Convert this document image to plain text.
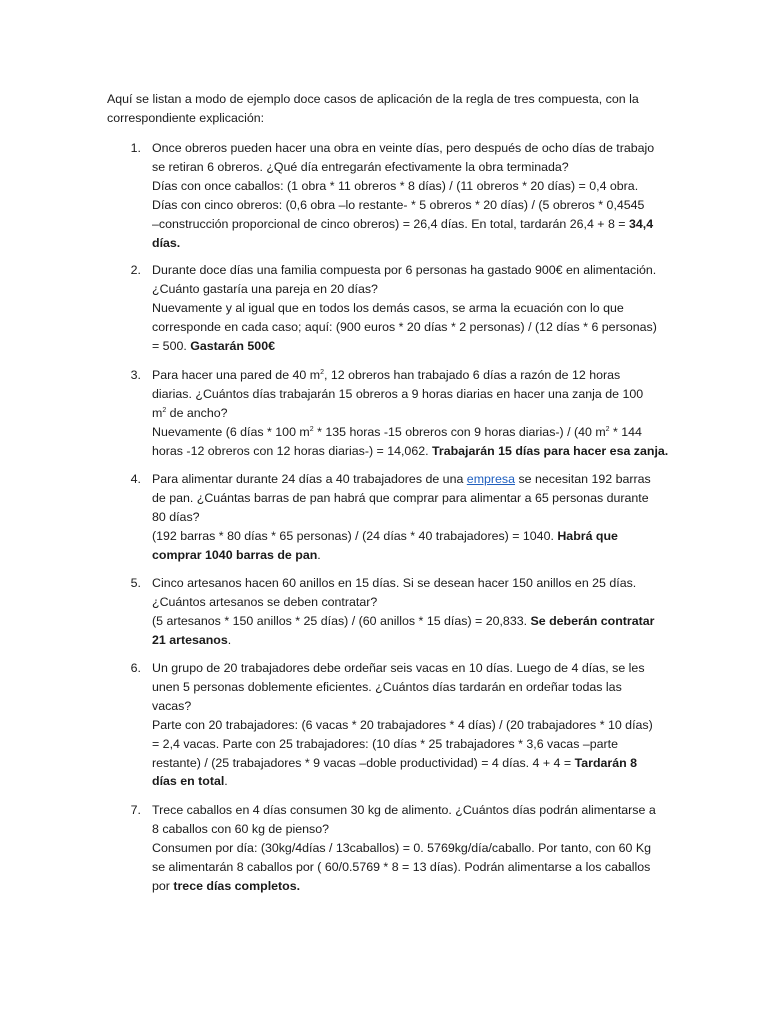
Aquí se listan a modo de ejemplo doce casos de aplicación de la regla de tres compuesta, con la
correspondiente explicación:
1. Once obreros pueden hacer una obra en veinte días, pero después de ocho días de trabajo
se retiran 6 obreros. ¿Qué día entregarán efectivamente la obra terminada?
Días con once caballos: (1 obra * 11 obreros * 8 días) / (11 obreros * 20 días) = 0,4 obra.
Días con cinco obreros: (0,6 obra –lo restante- * 5 obreros * 20 días) / (5 obreros * 0,4545
–construcción proporcional de cinco obreros) = 26,4 días. En total, tardarán 26,4 + 8 = 34,4
días.
2. Durante doce días una familia compuesta por 6 personas ha gastado 900€ en alimentación.
¿Cuánto gastaría una pareja en 20 días?
Nuevamente y al igual que en todos los demás casos, se arma la ecuación con lo que
corresponde en cada caso; aquí: (900 euros * 20 días * 2 personas) / (12 días * 6 personas)
= 500. Gastarán 500€
3. Para hacer una pared de 40 $m^2$, 12 obreros han trabajado 6 días a razón de 12 horas
diarias. ¿Cuántos días trabajarán 15 obreros a 9 horas diarias en hacer una zanja de 100
$m^2$ de ancho?
Nuevamente (6 días * 100 $m^2 * 135$ horas -15 obreros con 9 horas diarias-) / (40 $m^2 * 144$
horas -12 obreros con 12 horas diarias-) = 14,062. Trabajarán 15 días para hacer esa zanja.
4. Para alimentar durante 24 días a 40 trabajadores de una empresa se necesitan 192 barras
de pan. ¿Cuántas barras de pan habrá que comprar para alimentar a 65 personas durante
80 días?
(192 barras * 80 días * 65 personas) / (24 días * 40 trabajadores) = 1040. Habrá que
comprar 1040 barras de pan.
5. Cinco artesanos hacen 60 anillos en 15 días. Si se desean hacer 150 anillos en 25 días.
¿Cuántos artesanos se deben contratar?
(5 artesanos * 150 anillos * 25 días) / (60 anillos * 15 días) = 20,833. Se deberán contratar
21 artesanos.
6. Un grupo de 20 trabajadores debe ordeñar seis vacas en 10 días. Luego de 4 días, se les
unen 5 personas doblemente eficientes. ¿Cuántos días tardarán en ordeñar todas las
vacas?
Parte con 20 trabajadores: (6 vacas * 20 trabajadores * 4 días) / (20 trabajadores * 10 días)
= 2,4 vacas. Parte con 25 trabajadores: (10 días * 25 trabajadores * 3,6 vacas –parte
restante) / (25 trabajadores * 9 vacas –doble productividad) = 4 días. 4 + 4 = Tardarán 8
días en total.
7. Trece caballos en 4 días consumen 30 kg de alimento. ¿Cuántos días podrán alimentarse a
8 caballos con 60 kg de pienso?
Consumen por día: (30kg/4días / 13caballos) = 0. 5769kg/día/caballo. Por tanto, con 60 Kg
se alimentarán 8 caballos por ( 60/0.5769 * 8 = 13 días). Podrán alimentarse a los caballos
por trece días completos.
